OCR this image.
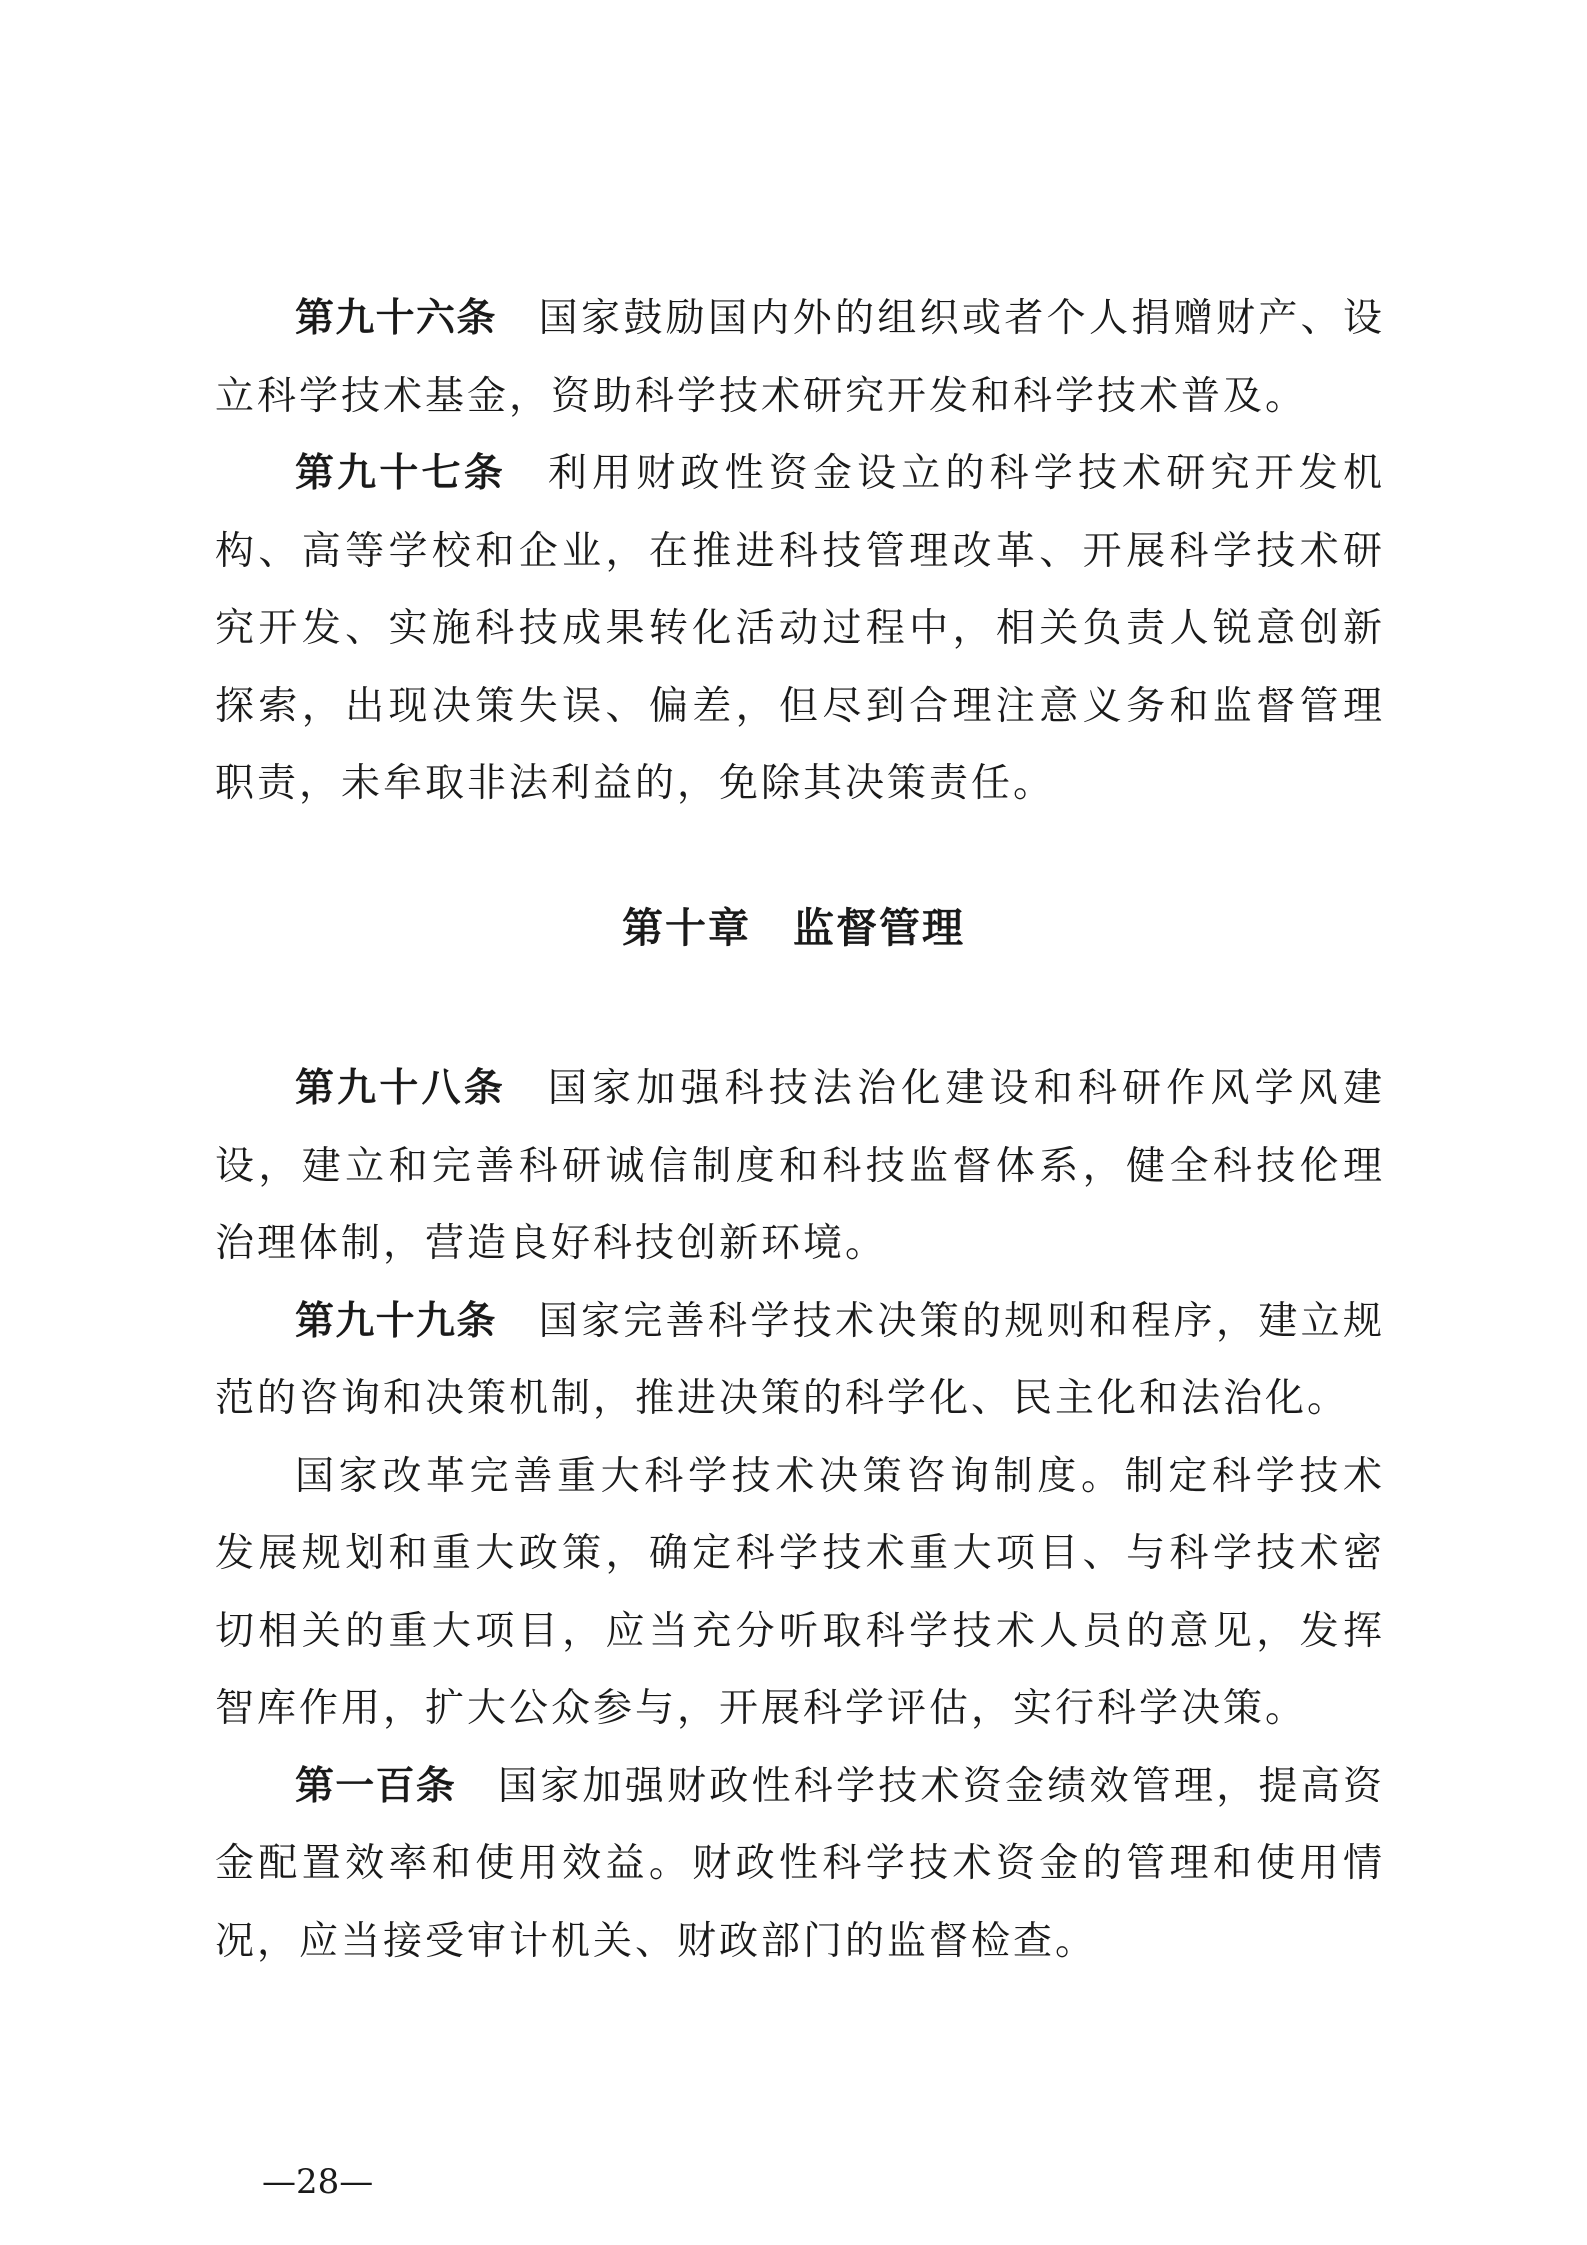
第九十六条 国家鼓励国内外的组织或者个人捐赠财产、设立科学技术基金，资助科学技术研究开发和科学技术普及。

第九十七条 利用财政性资金设立的科学技术研究开发机构、高等学校和企业，在推进科技管理改革、开展科学技术研究开发、实施科技成果转化活动过程中，相关负责人锐意创新探索，出现决策失误、偏差，但尽到合理注意义务和监督管理职责，未牟取非法利益的，免除其决策责任。

第十章 监督管理

第九十八条 国家加强科技法治化建设和科研作风学风建设，建立和完善科研诚信制度和科技监督体系，健全科技伦理治理体制，营造良好科技创新环境。

第九十九条 国家完善科学技术决策的规则和程序，建立规范的咨询和决策机制，推进决策的科学化、民主化和法治化。

国家改革完善重大科学技术决策咨询制度。制定科学技术发展规划和重大政策，确定科学技术重大项目、与科学技术密切相关的重大项目，应当充分听取科学技术人员的意见，发挥智库作用，扩大公众参与，开展科学评估，实行科学决策。

第一百条 国家加强财政性科学技术资金绩效管理，提高资金配置效率和使用效益。财政性科学技术资金的管理和使用情况，应当接受审计机关、财政部门的监督检查。

—28—
